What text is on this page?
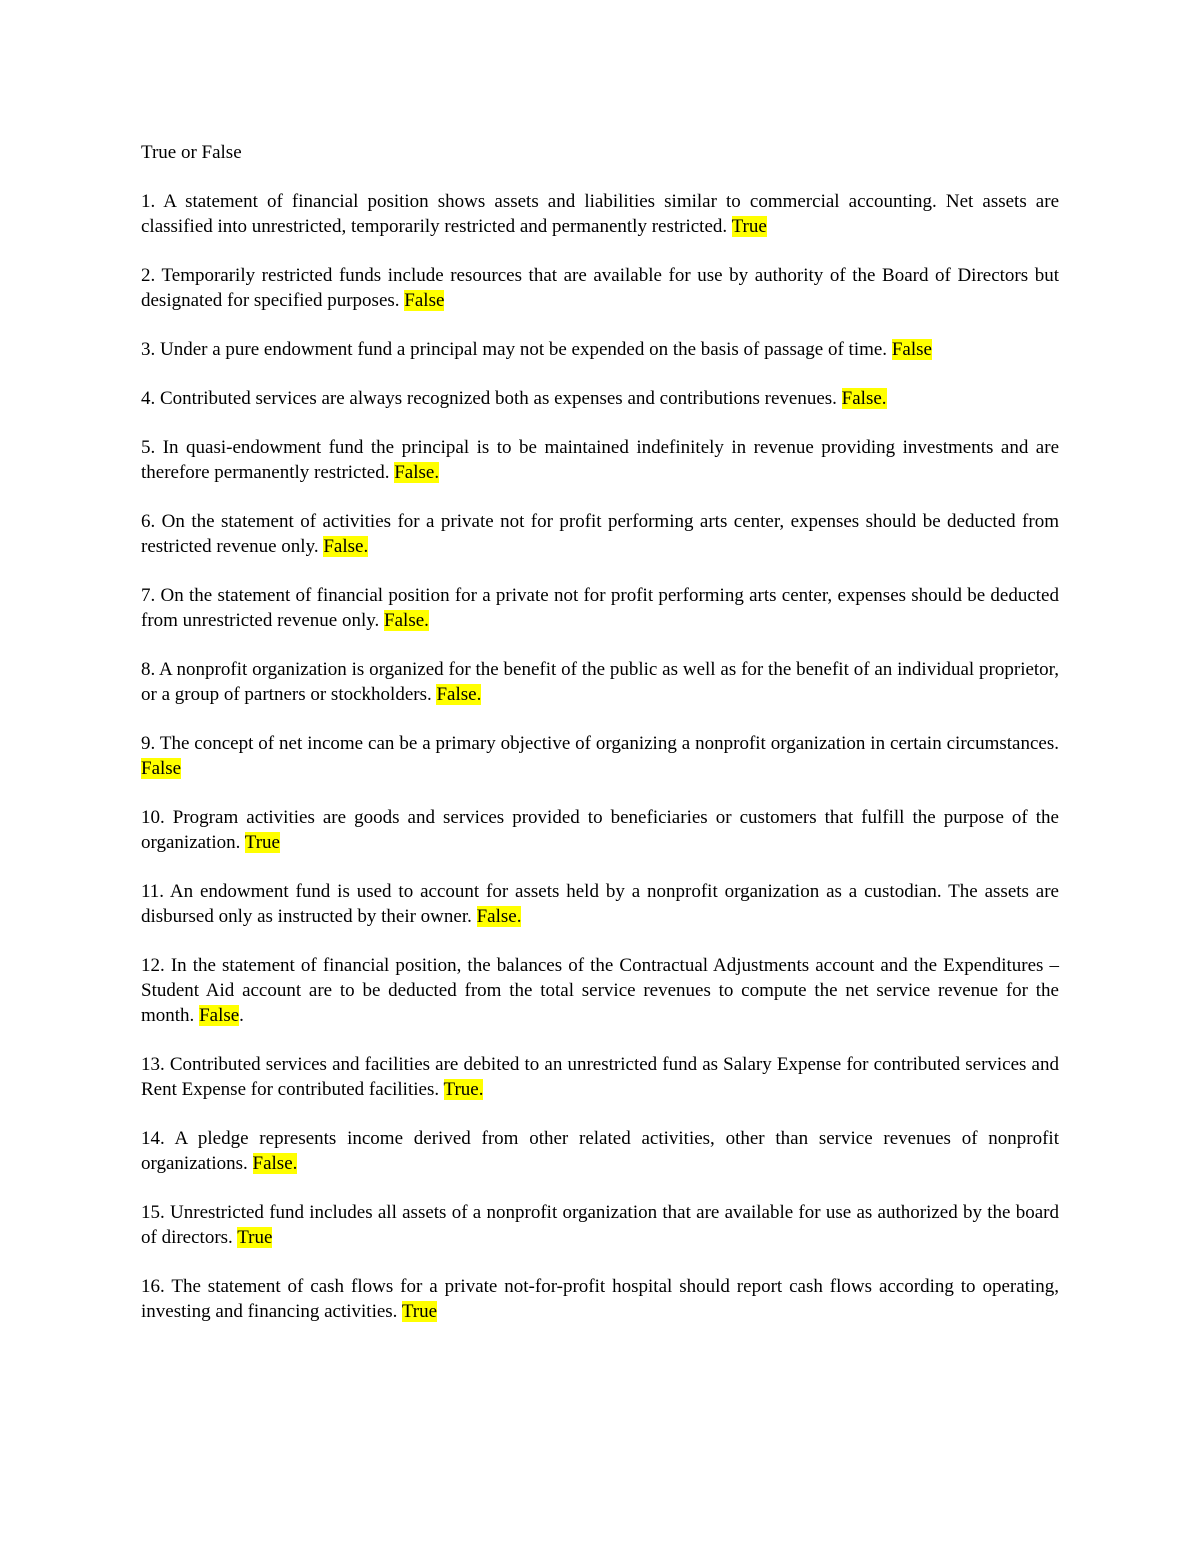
True or False

1. A statement of financial position shows assets and liabilities similar to commercial accounting. Net assets are classified into unrestricted, temporarily restricted and permanently restricted. True

2. Temporarily restricted funds include resources that are available for use by authority of the Board of Directors but designated for specified purposes. False

3. Under a pure endowment fund a principal may not be expended on the basis of passage of time. False

4. Contributed services are always recognized both as expenses and contributions revenues. False.

5. In quasi-endowment fund the principal is to be maintained indefinitely in revenue providing investments and are therefore permanently restricted. False.

6. On the statement of activities for a private not for profit performing arts center, expenses should be deducted from restricted revenue only. False.

7. On the statement of financial position for a private not for profit performing arts center, expenses should be deducted from unrestricted revenue only. False.

8. A nonprofit organization is organized for the benefit of the public as well as for the benefit of an individual proprietor, or a group of partners or stockholders. False.

9. The concept of net income can be a primary objective of organizing a nonprofit organization in certain circumstances. False

10. Program activities are goods and services provided to beneficiaries or customers that fulfill the purpose of the organization. True

11. An endowment fund is used to account for assets held by a nonprofit organization as a custodian. The assets are disbursed only as instructed by their owner. False.

12. In the statement of financial position, the balances of the Contractual Adjustments account and the Expenditures – Student Aid account are to be deducted from the total service revenues to compute the net service revenue for the month. False.

13. Contributed services and facilities are debited to an unrestricted fund as Salary Expense for contributed services and Rent Expense for contributed facilities. True.

14. A pledge represents income derived from other related activities, other than service revenues of nonprofit organizations. False.

15. Unrestricted fund includes all assets of a nonprofit organization that are available for use as authorized by the board of directors. True

16. The statement of cash flows for a private not-for-profit hospital should report cash flows according to operating, investing and financing activities. True
